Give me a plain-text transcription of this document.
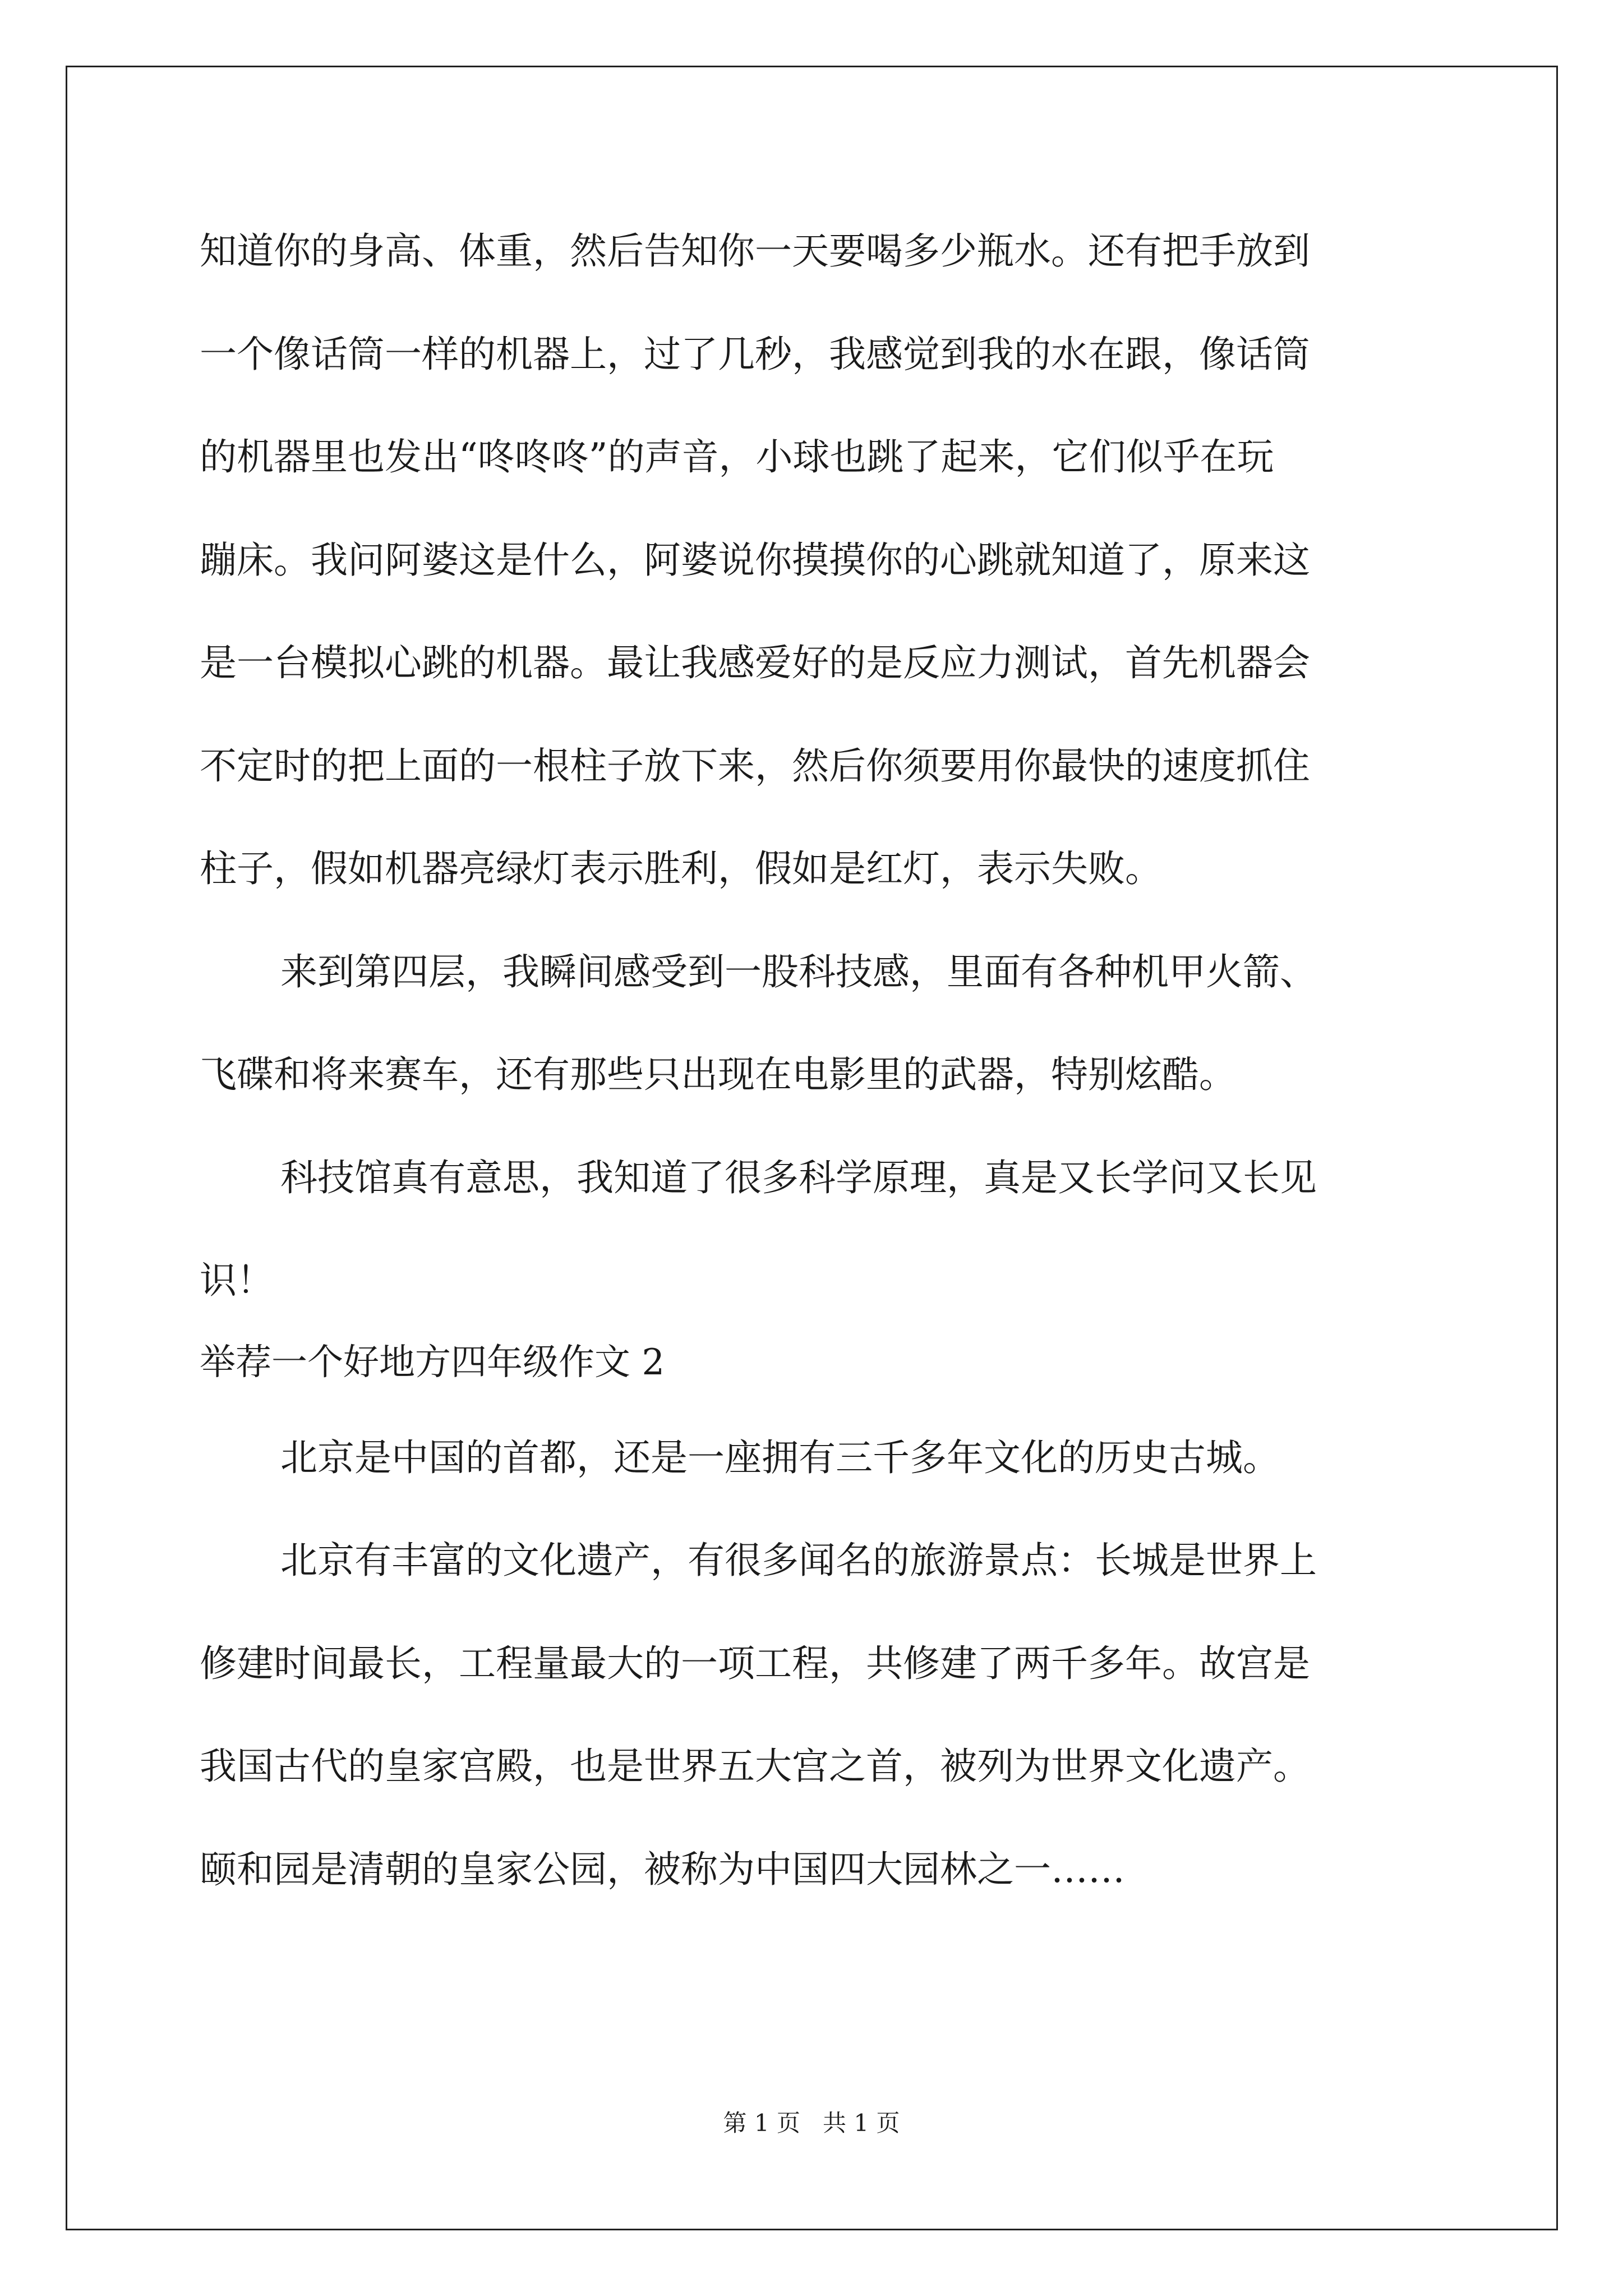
知道你的身高、体重，然后告知你一天要喝多少瓶水。还有把手放到
一个像话筒一样的机器上，过了几秒，我感觉到我的水在跟，像话筒
的机器里也发出“咚咚咚”的声音，小球也跳了起来，它们似乎在玩
蹦床。我问阿婆这是什么，阿婆说你摸摸你的心跳就知道了，原来这
是一台模拟心跳的机器。最让我感爱好的是反应力测试，首先机器会
不定时的把上面的一根柱子放下来，然后你须要用你最快的速度抓住
柱子，假如机器亮绿灯表示胜利，假如是红灯，表示失败。
来到第四层，我瞬间感受到一股科技感，里面有各种机甲火箭、
飞碟和将来赛车，还有那些只出现在电影里的武器，特别炫酷。
科技馆真有意思，我知道了很多科学原理，真是又长学问又长见
识！
举荐一个好地方四年级作文 2
北京是中国的首都，还是一座拥有三千多年文化的历史古城。
北京有丰富的文化遗产，有很多闻名的旅游景点：长城是世界上
修建时间最长，工程量最大的一项工程，共修建了两千多年。故宫是
我国古代的皇家宫殿，也是世界五大宫之首，被列为世界文化遗产。
颐和园是清朝的皇家公园，被称为中国四大园林之一……
第 1 页   共 1 页
